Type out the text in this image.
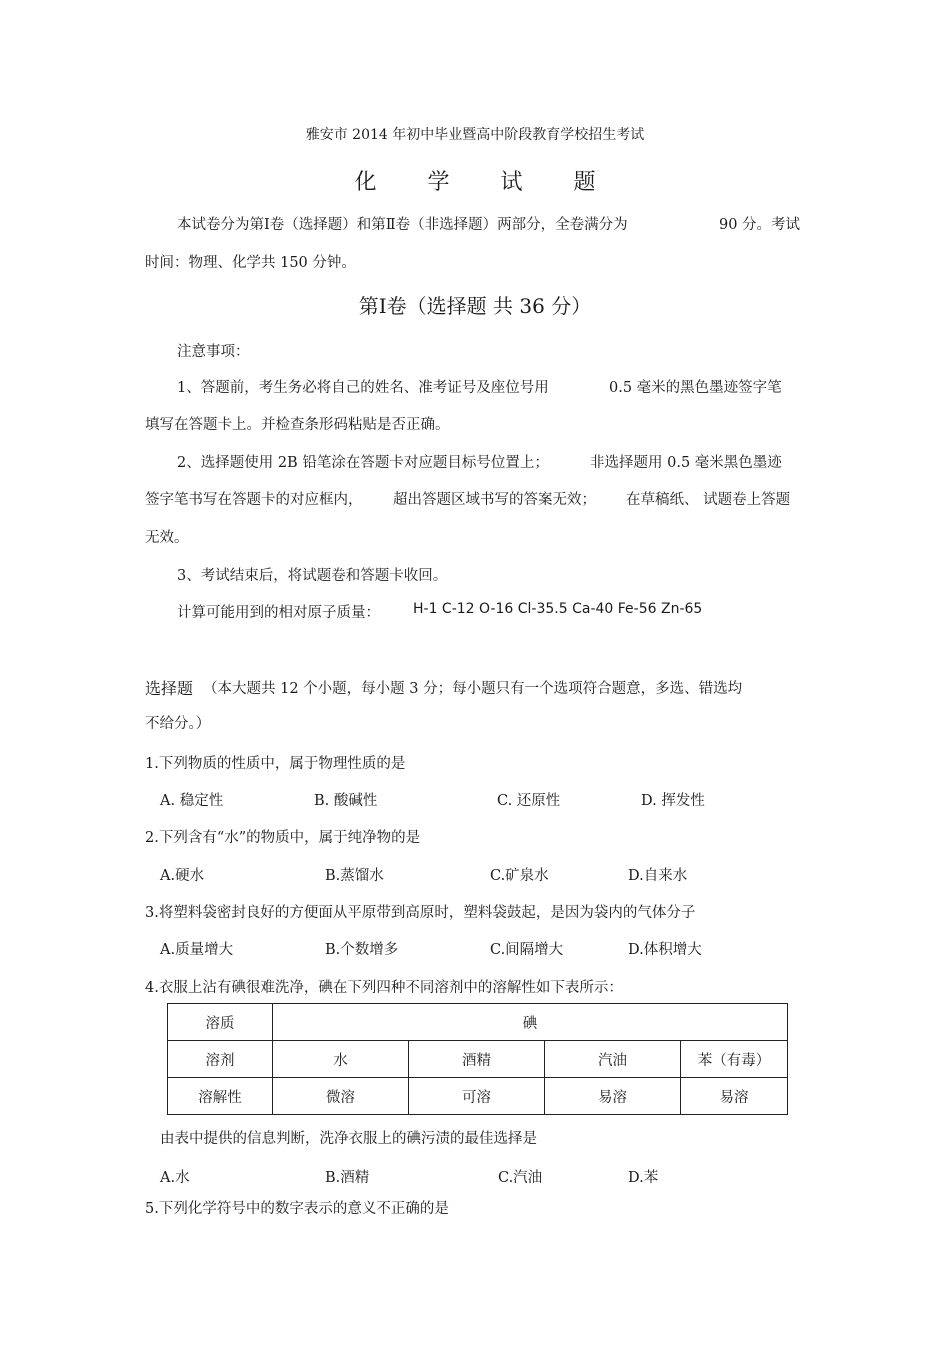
雅安市 2014 年初中毕业暨高中阶段教育学校招生考试
化 学 试 题
本试卷分为第Ⅰ卷（选择题）和第Ⅱ卷（非选择题）两部分，全卷满分为	90 分。考试
时间：物理、化学共 150 分钟。
第Ⅰ卷（选择题 共 36 分）
注意事项：
1、答题前，考生务必将自己的姓名、准考证号及座位号用	0.5 毫米的黑色墨迹签字笔
填写在答题卡上。并检查条形码粘贴是否正确。
2、选择题使用 2B 铅笔涂在答题卡对应题目标号位置上；	非选择题用 0.5 毫米黑色墨迹
签字笔书写在答题卡的对应框内， 超出答题区域书写的答案无效； 在草稿纸、 试题卷上答题
无效。
3、考试结束后，将试题卷和答题卡收回。
计算可能用到的相对原子质量： H-1 C-12 O-16 Cl-35.5 Ca-40 Fe-56 Zn-65
选择题 （本大题共 12 个小题，每小题 3 分；每小题只有一个选项符合题意，多选、错选均
不给分。）
1.下列物质的性质中，属于物理性质的是
A. 稳定性	B. 酸碱性	C. 还原性	D. 挥发性
2.下列含有“水”的物质中，属于纯净物的是
A.硬水	B.蒸馏水	C.矿泉水	D.自来水
3.将塑料袋密封良好的方便面从平原带到高原时，塑料袋鼓起，是因为袋内的气体分子
A.质量增大	B.个数增多	C.间隔增大	D.体积增大
4.衣服上沾有碘很难洗净，碘在下列四种不同溶剂中的溶解性如下表所示：
溶质	碘			
溶剂	水	酒精	汽油	苯（有毒）
溶解性	微溶	可溶	易溶	易溶
由表中提供的信息判断，洗净衣服上的碘污渍的最佳选择是
A.水	B.酒精	C.汽油	D.苯
5.下列化学符号中的数字表示的意义不正确的是
